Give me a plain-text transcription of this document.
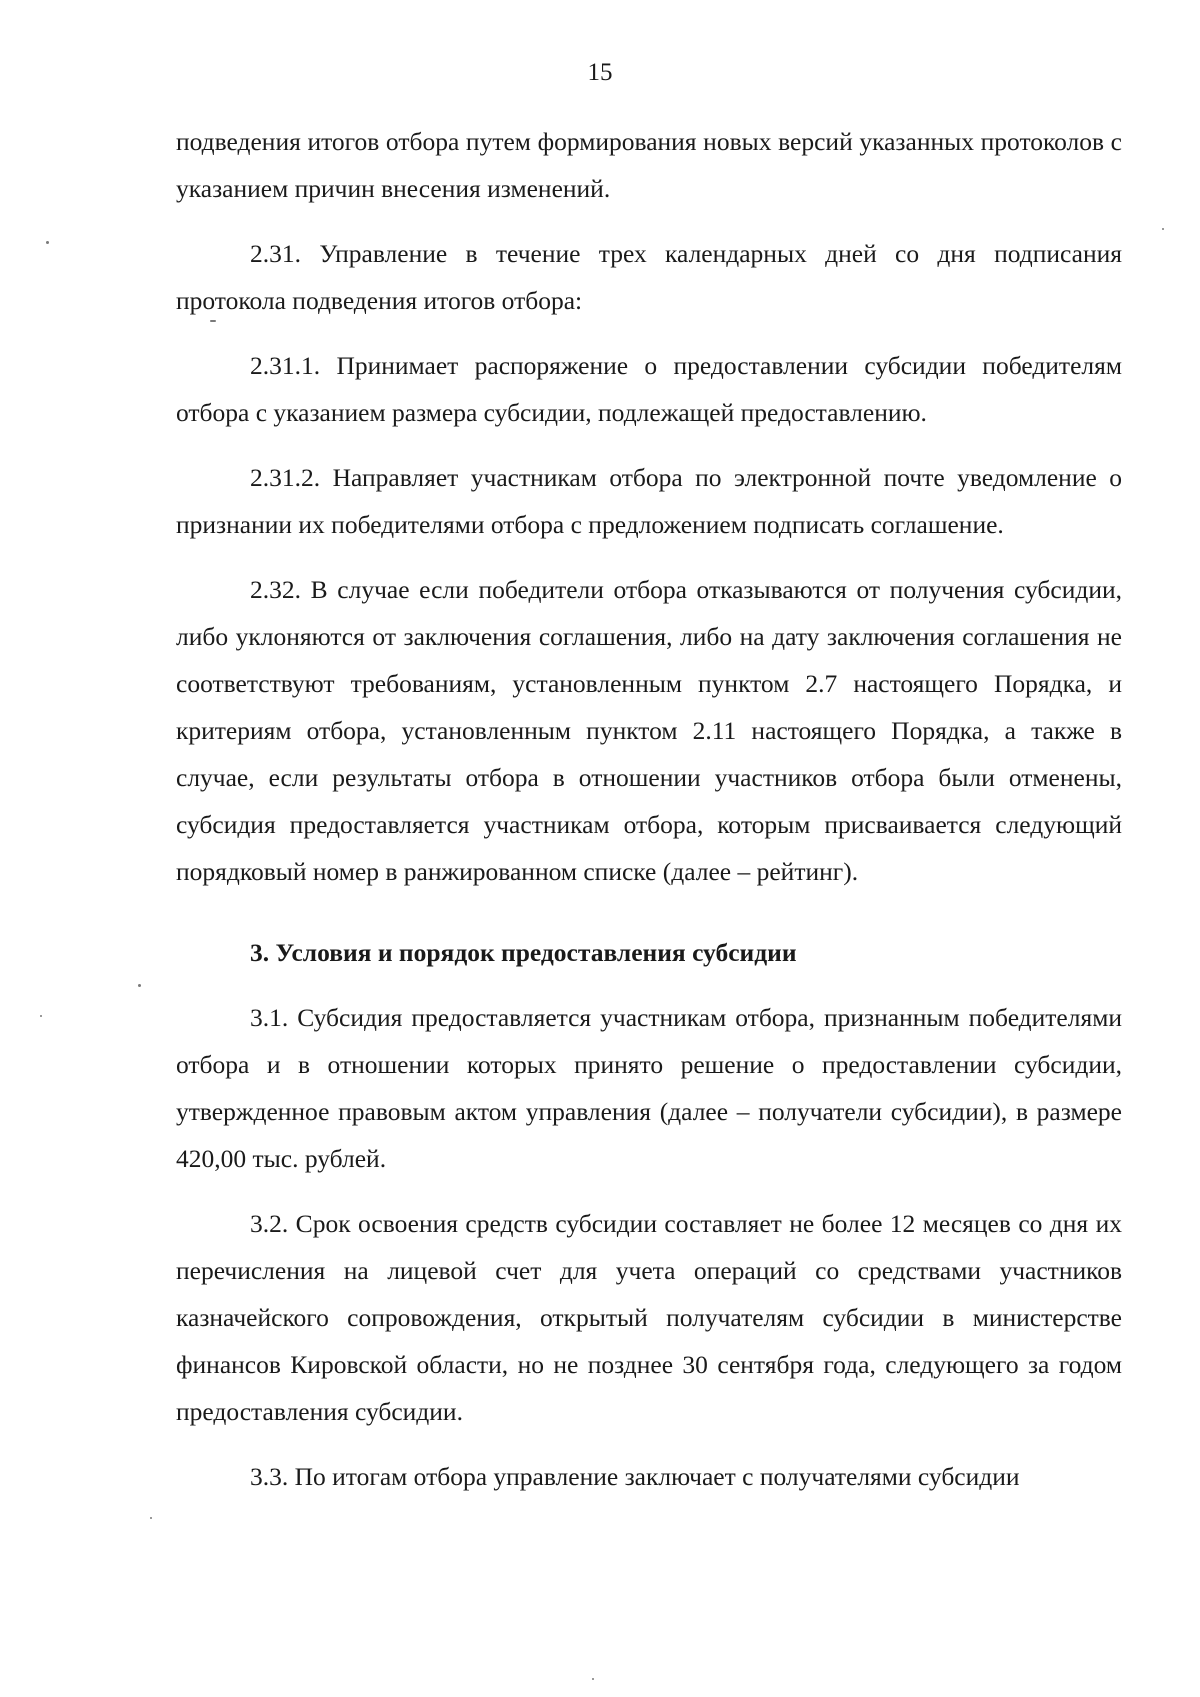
15

подведения итогов отбора путем формирования новых версий указанных протоколов с указанием причин внесения изменений.

2.31. Управление в течение трех календарных дней со дня подписания протокола подведения итогов отбора:

2.31.1. Принимает распоряжение о предоставлении субсидии победителям отбора с указанием размера субсидии, подлежащей предоставлению.

2.31.2. Направляет участникам отбора по электронной почте уведомление о признании их победителями отбора с предложением подписать соглашение.

2.32. В случае если победители отбора отказываются от получения субсидии, либо уклоняются от заключения соглашения, либо на дату заключения соглашения не соответствуют требованиям, установленным пунктом 2.7 настоящего Порядка, и критериям отбора, установленным пунктом 2.11 настоящего Порядка, а также в случае, если результаты отбора в отношении участников отбора были отменены, субсидия предоставляется участникам отбора, которым присваивается следующий порядковый номер в ранжированном списке (далее – рейтинг).

3. Условия и порядок предоставления субсидии

3.1. Субсидия предоставляется участникам отбора, признанным победителями отбора и в отношении которых принято решение о предоставлении субсидии, утвержденное правовым актом управления (далее – получатели субсидии), в размере 420,00 тыс. рублей.

3.2. Срок освоения средств субсидии составляет не более 12 месяцев со дня их перечисления на лицевой счет для учета операций со средствами участников казначейского сопровождения, открытый получателям субсидии в министерстве финансов Кировской области, но не позднее 30 сентября года, следующего за годом предоставления субсидии.

3.3. По итогам отбора управление заключает с получателями субсидии
